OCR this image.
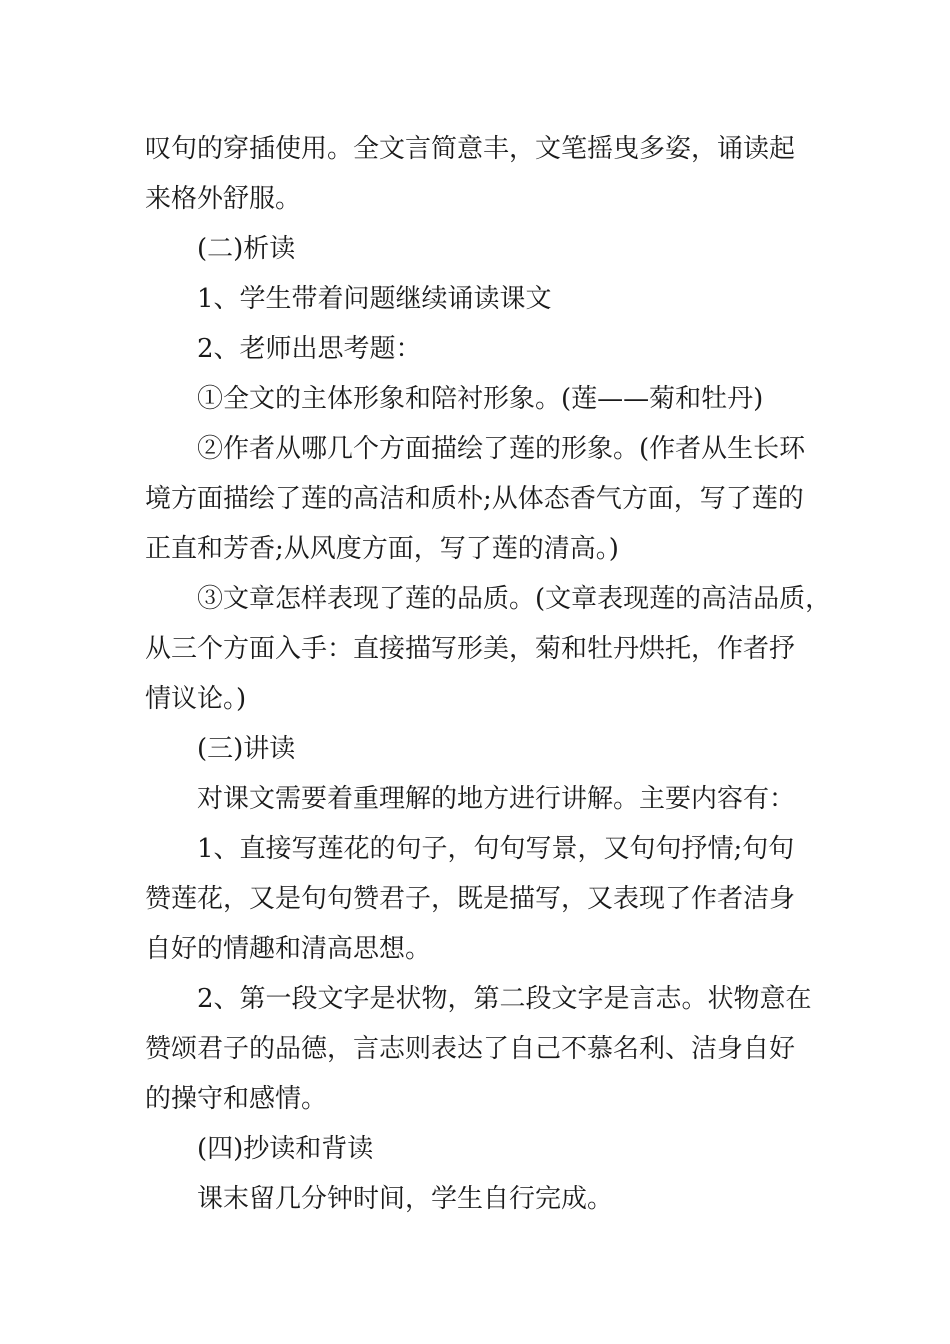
叹句的穿插使用。全文言简意丰，文笔摇曳多姿，诵读起

来格外舒服。

(二)析读

1、学生带着问题继续诵读课文

2、老师出思考题：

①全文的主体形象和陪衬形象。(莲——菊和牡丹)

②作者从哪几个方面描绘了莲的形象。(作者从生长环

境方面描绘了莲的高洁和质朴;从体态香气方面，写了莲的

正直和芳香;从风度方面，写了莲的清高。)

③文章怎样表现了莲的品质。(文章表现莲的高洁品质，

从三个方面入手：直接描写形美，菊和牡丹烘托，作者抒

情议论。)

(三)讲读

对课文需要着重理解的地方进行讲解。主要内容有：

1、直接写莲花的句子，句句写景，又句句抒情;句句

赞莲花，又是句句赞君子，既是描写，又表现了作者洁身

自好的情趣和清高思想。

2、第一段文字是状物，第二段文字是言志。状物意在

赞颂君子的品德，言志则表达了自己不慕名利、洁身自好

的操守和感情。

(四)抄读和背读

课末留几分钟时间，学生自行完成。
